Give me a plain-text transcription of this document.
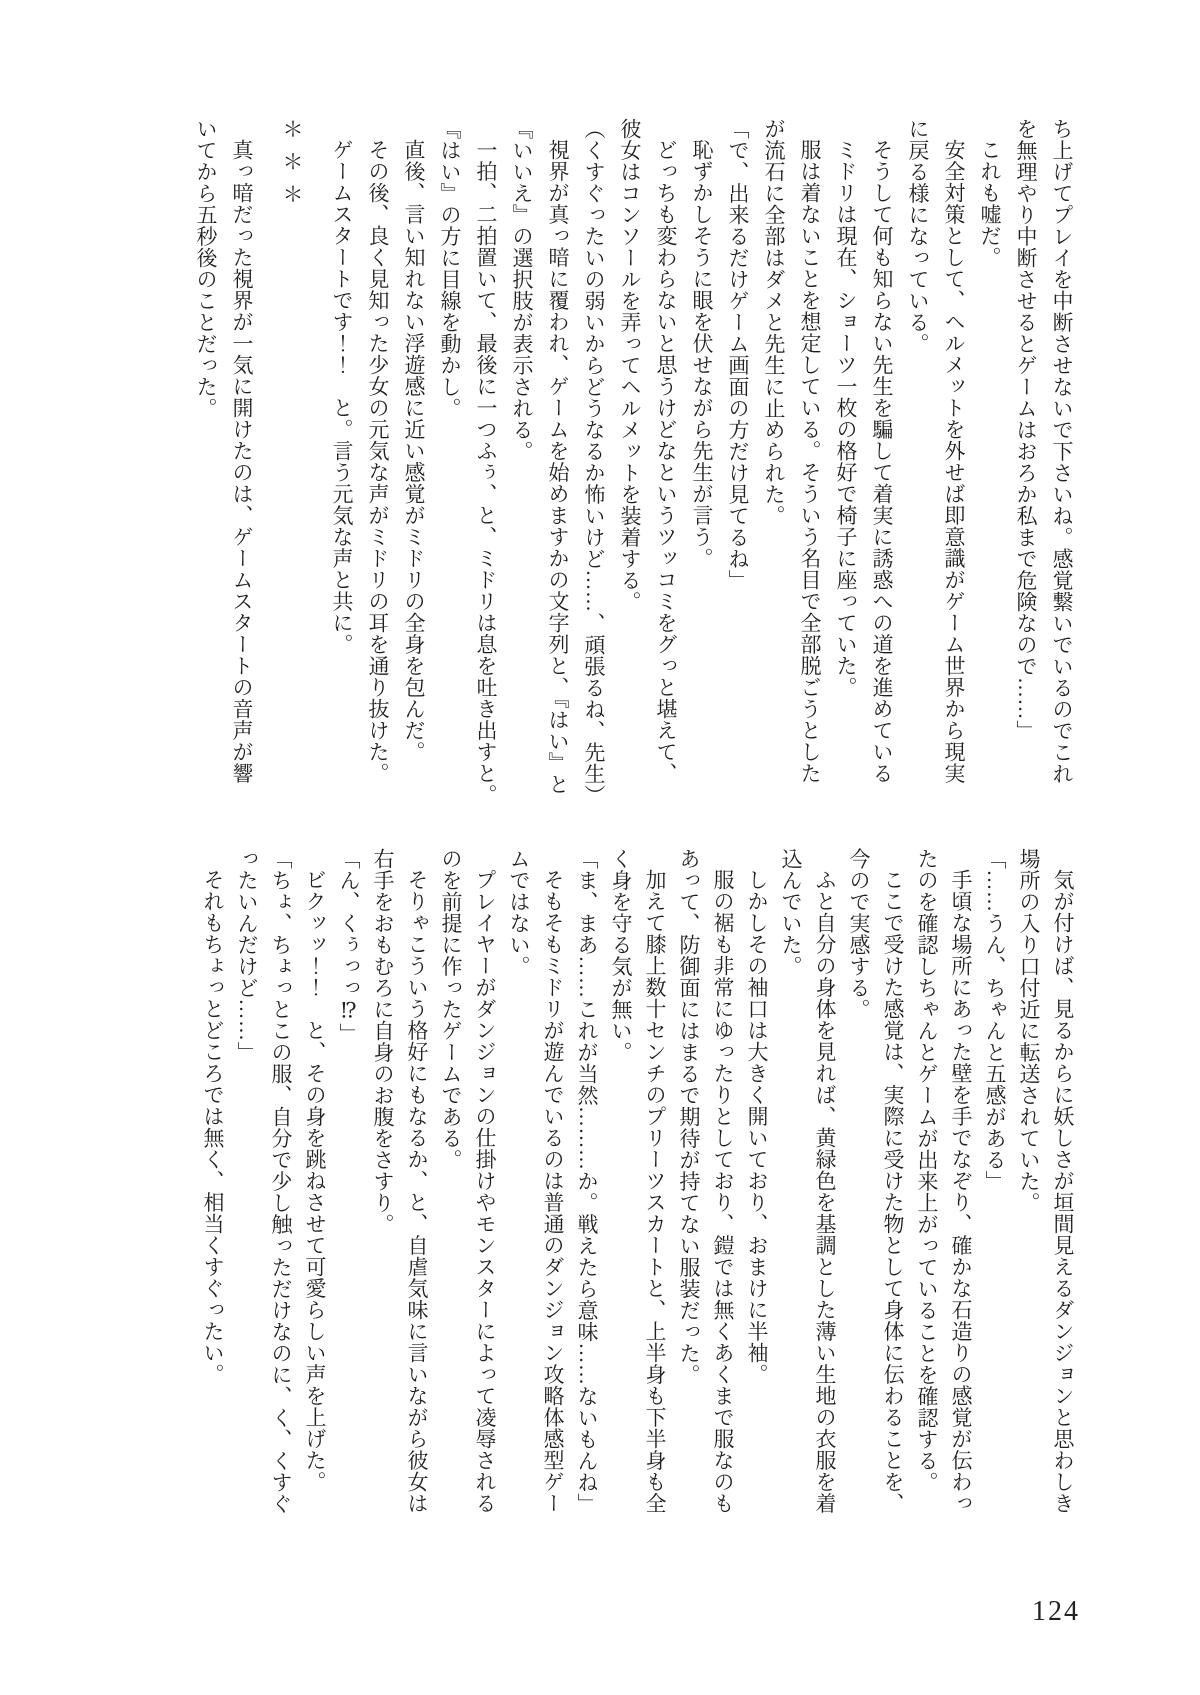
ち上げてプレイを中断させないで下さいね。感覚繋いでいるのでこれ

を無理やり中断させるとゲームはおろか私まで危険なので……」

これも嘘だ。

安全対策として、ヘルメットを外せば即意識がゲーム世界から現実

に戻る様になっている。

そうして何も知らない先生を騙して着実に誘惑への道を進めている

ミドリは現在、ショーツ一枚の格好で椅子に座っていた。

服は着ないことを想定している。そういう名目で全部脱ごうとした

が流石に全部はダメと先生に止められた。

「で、出来るだけゲーム画面の方だけ見てるね」

恥ずかしそうに眼を伏せながら先生が言う。

どっちも変わらないと思うけどなというツッコミをグっと堪えて、

彼女はコンソールを弄ってヘルメットを装着する。

（くすぐったいの弱いからどうなるか怖いけど……、頑張るね、先生）

視界が真っ暗に覆われ、ゲームを始めますかの文字列と、『はい』と

『いいえ』の選択肢が表示される。

一拍、二拍置いて、最後に一つふぅ、と、ミドリは息を吐き出すと。

『はい』の方に目線を動かし。

直後、言い知れない浮遊感に近い感覚がミドリの全身を包んだ。

その後、良く見知った少女の元気な声がミドリの耳を通り抜けた。

ゲームスタートです！！　と。言う元気な声と共に。

＊＊＊

真っ暗だった視界が一気に開けたのは、ゲームスタートの音声が響

いてから五秒後のことだった。

気が付けば、見るからに妖しさが垣間見えるダンジョンと思わしき

場所の入り口付近に転送されていた。

「……うん、ちゃんと五感がある」

手頃な場所にあった壁を手でなぞり、確かな石造りの感覚が伝わっ

たのを確認しちゃんとゲームが出来上がっていることを確認する。

ここで受けた感覚は、実際に受けた物として身体に伝わることを、

今ので実感する。

ふと自分の身体を見れば、黄緑色を基調とした薄い生地の衣服を着

込んでいた。

しかしその袖口は大きく開いており、おまけに半袖。

服の裾も非常にゆったりとしており、鎧では無くあくまで服なのも

あって、防御面にはまるで期待が持てない服装だった。

加えて膝上数十センチのプリーツスカートと、上半身も下半身も全

く身を守る気が無い。

「ま、まあ……これが当然………か。戦えたら意味……ないもんね」

そもそもミドリが遊んでいるのは普通のダンジョン攻略体感型ゲー

ムではない。

プレイヤーがダンジョンの仕掛けやモンスターによって凌辱される

のを前提に作ったゲームである。

そりゃこういう格好にもなるか、と、自虐気味に言いながら彼女は

右手をおもむろに自身のお腹をさすり。

「ん、くぅっっ⁉」

ビクッッ！！　と、その身を跳ねさせて可愛らしい声を上げた。

「ちょ、ちょっとこの服、自分で少し触っただけなのに、く、くすぐ

ったいんだけど……」

それもちょっとどころでは無く、相当くすぐったい。

124
